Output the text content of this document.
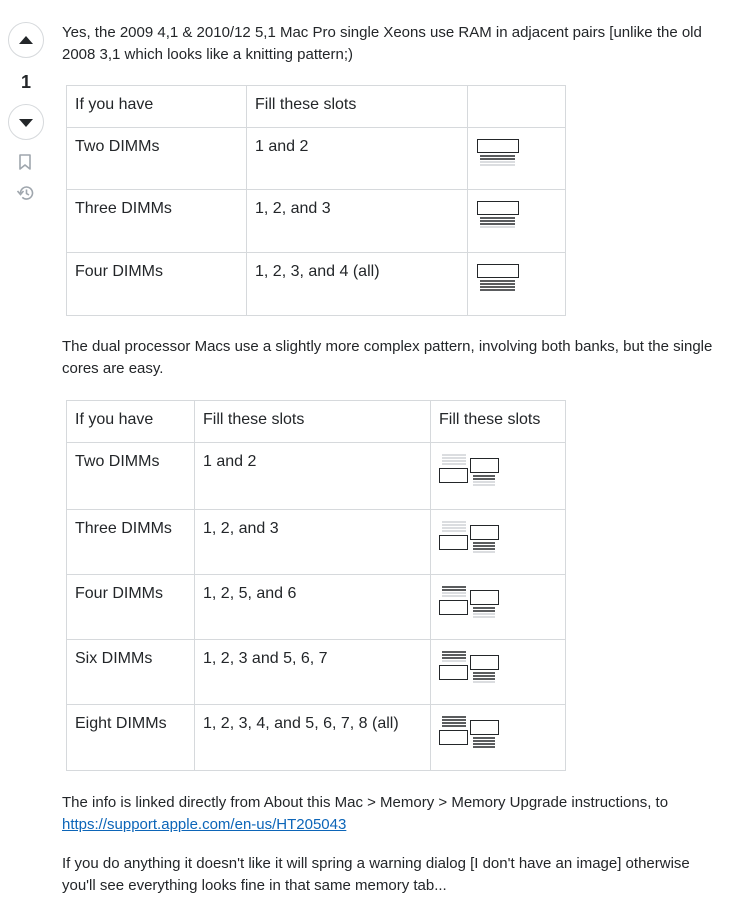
1

Yes, the 2009 4,1 & 2010/12 5,1 Mac Pro single Xeons use RAM in adjacent pairs [unlike the old 2008 3,1 which looks like a knitting pattern;)

If you have	Fill these slots	
Two DIMMs	1 and 2	

Three DIMMs	1, 2, and 3	

Four DIMMs	1, 2, 3, and 4 (all)	

The dual processor Macs use a slightly more complex pattern, involving both banks, but the single cores are easy.

If you have	Fill these slots	Fill these slots
Two DIMMs	1 and 2	

Three DIMMs	1, 2, and 3	

Four DIMMs	1, 2, 5, and 6	

Six DIMMs	1, 2, 3 and 5, 6, 7	

Eight DIMMs	1, 2, 3, 4, and 5, 6, 7, 8 (all)	

The info is linked directly from About this Mac > Memory > Memory Upgrade instructions, to
https://support.apple.com/en-us/HT205043

If you do anything it doesn't like it will spring a warning dialog [I don't have an image] otherwise you'll see everything looks fine in that same memory tab...
